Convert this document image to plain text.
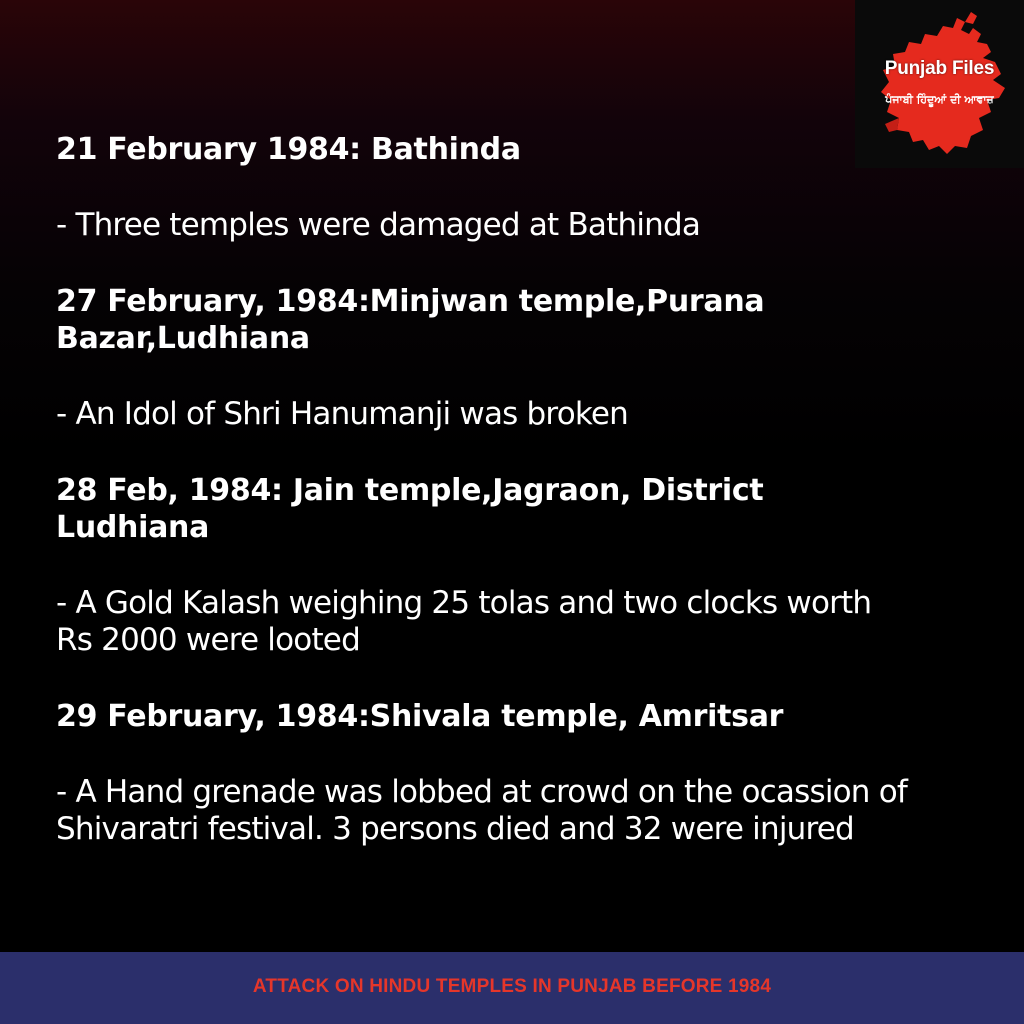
Punjab Files
ਪੰਜਾਬੀ ਹਿੰਦੂਆਂ ਦੀ ਆਵਾਜ਼

21 February 1984: Bathinda

- Three temples were damaged at Bathinda

27 February, 1984:Minjwan temple,Purana Bazar,Ludhiana

- An Idol of Shri Hanumanji was broken

28 Feb, 1984: Jain temple,Jagraon, District Ludhiana

- A Gold Kalash weighing 25 tolas and two clocks worth Rs 2000 were looted

29 February, 1984:Shivala temple, Amritsar

- A Hand grenade was lobbed at crowd on the ocassion of Shivaratri festival. 3 persons died and 32 were injured

ATTACK ON HINDU TEMPLES IN PUNJAB BEFORE 1984
